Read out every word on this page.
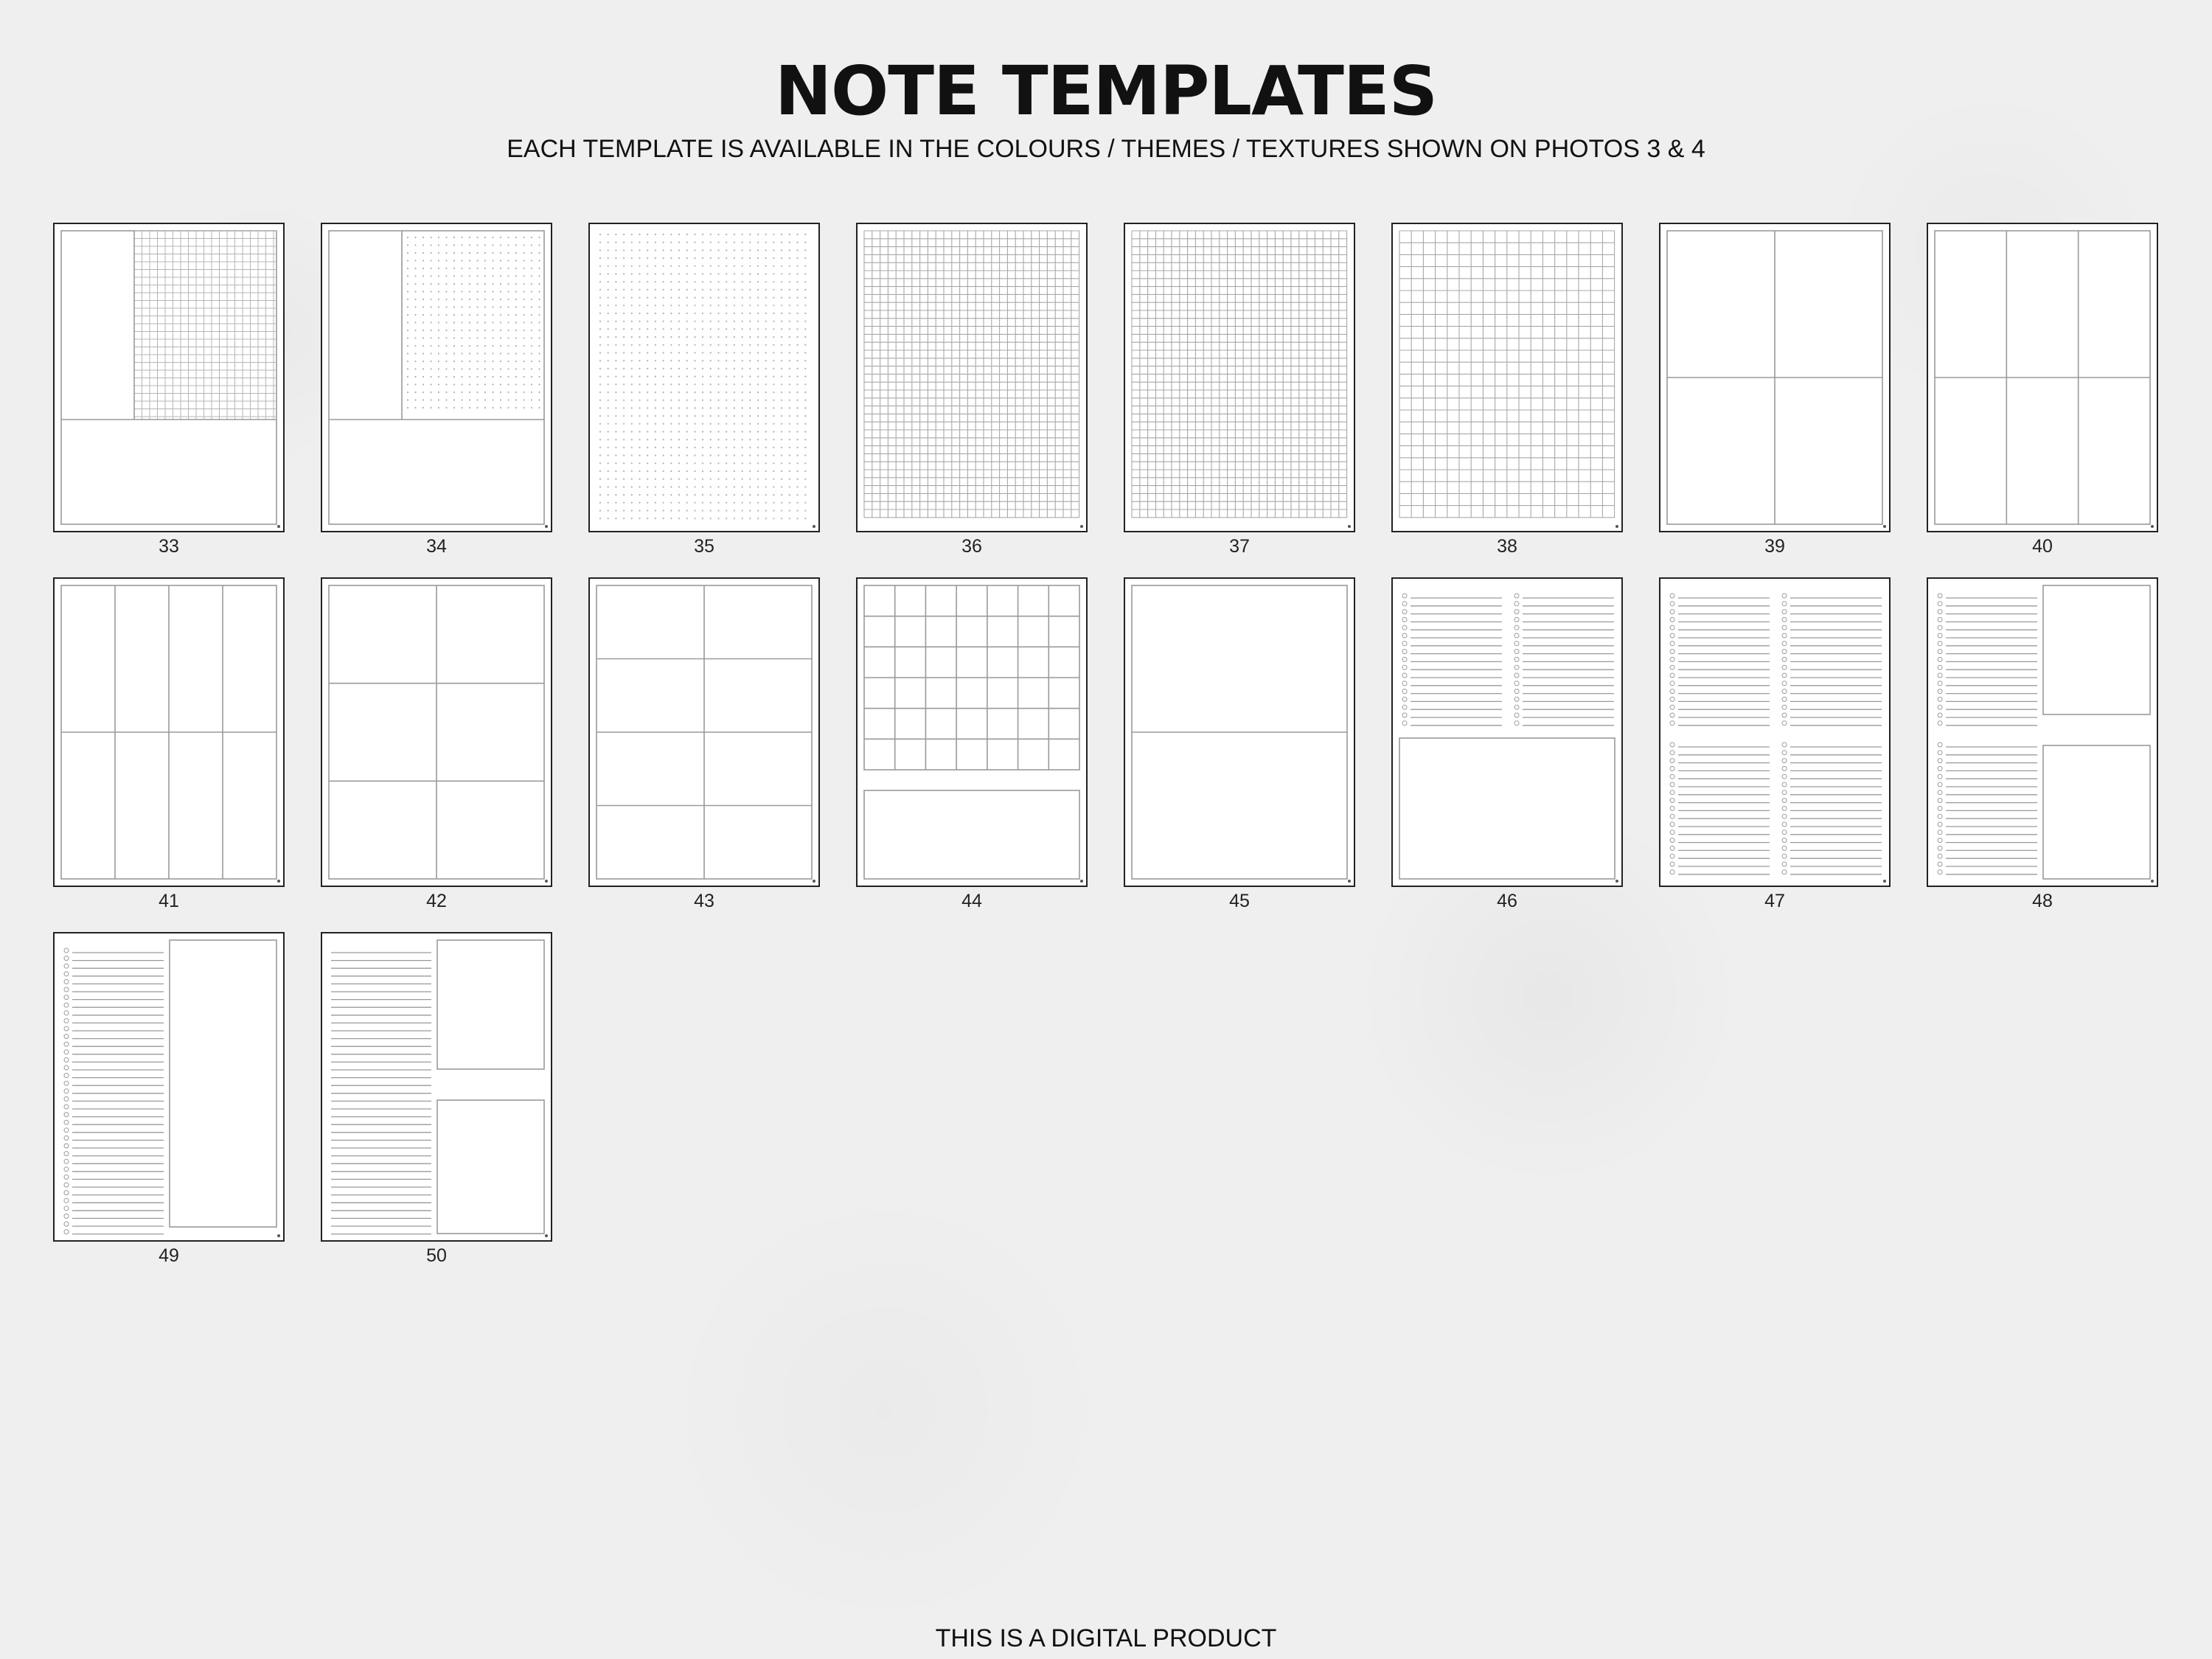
NOTE TEMPLATES
EACH TEMPLATE IS AVAILABLE IN THE COLOURS / THEMES / TEXTURES SHOWN ON PHOTOS 3 & 4
33	34	35	36	37	38	39	40
41	42	43	44	45	46	47	48
49	50
THIS IS A DIGITAL PRODUCT
